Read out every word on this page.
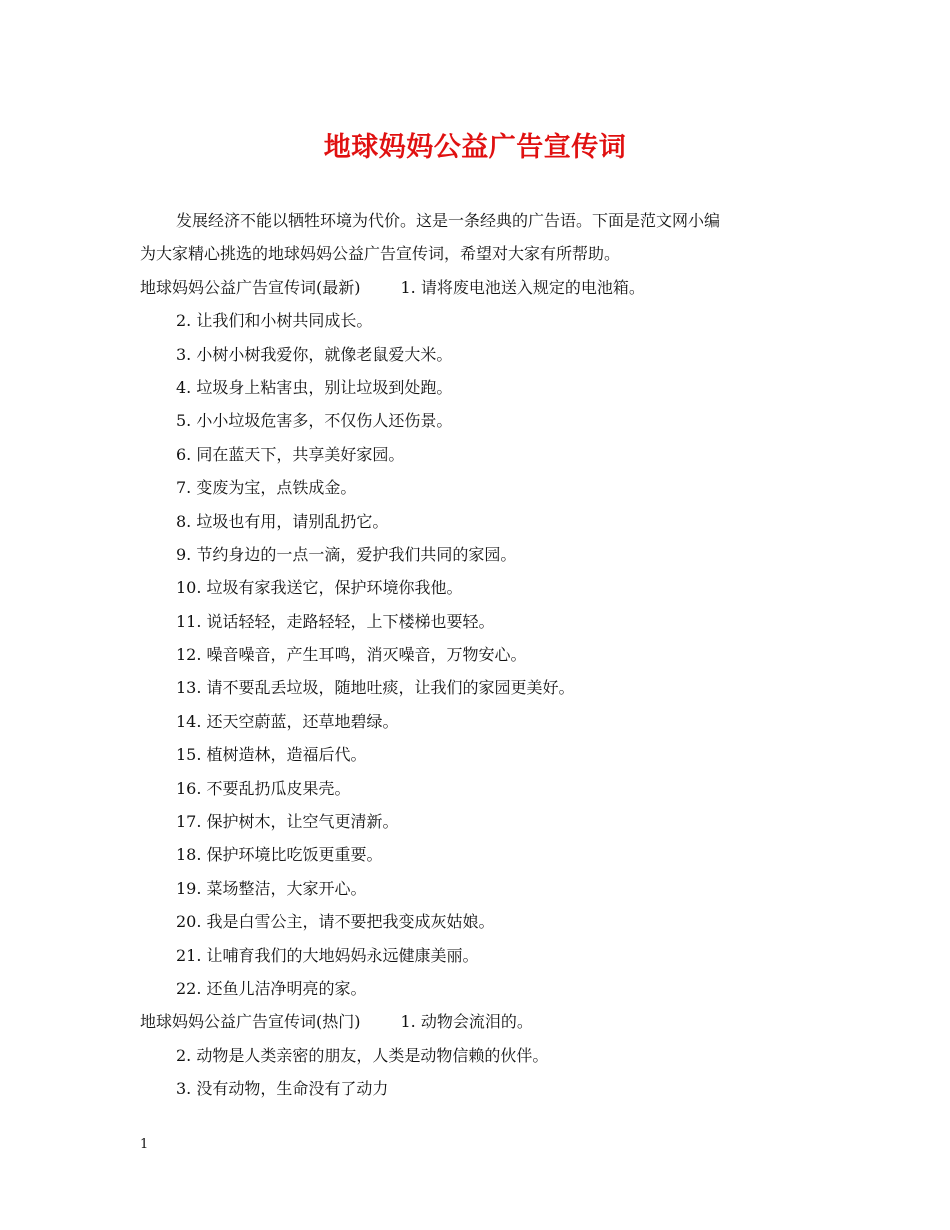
地球妈妈公益广告宣传词
发展经济不能以牺牲环境为代价。这是一条经典的广告语。下面是范文网小编
为大家精心挑选的地球妈妈公益广告宣传词，希望对大家有所帮助。
地球妈妈公益广告宣传词(最新)	1. 请将废电池送入规定的电池箱。
2. 让我们和小树共同成长。
3. 小树小树我爱你，就像老鼠爱大米。
4. 垃圾身上粘害虫，别让垃圾到处跑。
5. 小小垃圾危害多，不仅伤人还伤景。
6. 同在蓝天下，共享美好家园。
7. 变废为宝，点铁成金。
8. 垃圾也有用，请别乱扔它。
9. 节约身边的一点一滴，爱护我们共同的家园。
10. 垃圾有家我送它，保护环境你我他。
11. 说话轻轻，走路轻轻，上下楼梯也要轻。
12. 噪音噪音，产生耳鸣，消灭噪音，万物安心。
13. 请不要乱丢垃圾，随地吐痰，让我们的家园更美好。
14. 还天空蔚蓝，还草地碧绿。
15. 植树造林，造福后代。
16. 不要乱扔瓜皮果壳。
17. 保护树木，让空气更清新。
18. 保护环境比吃饭更重要。
19. 菜场整洁，大家开心。
20. 我是白雪公主，请不要把我变成灰姑娘。
21. 让哺育我们的大地妈妈永远健康美丽。
22. 还鱼儿洁净明亮的家。
地球妈妈公益广告宣传词(热门)	1. 动物会流泪的。
2. 动物是人类亲密的朋友，人类是动物信赖的伙伴。
3. 没有动物，生命没有了动力
1
